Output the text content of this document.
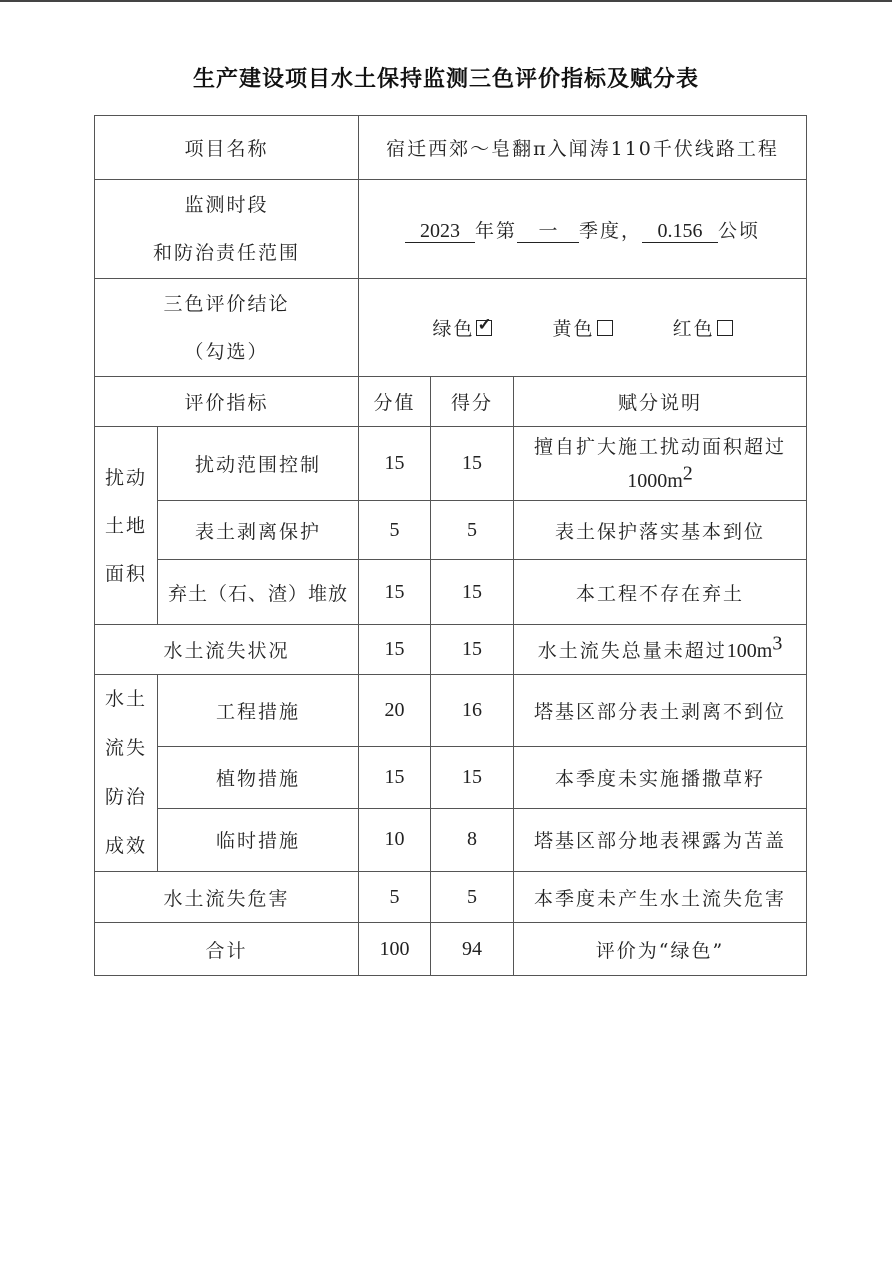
生产建设项目水土保持监测三色评价指标及赋分表
项目名称		宿迁西郊～皂翻π入闻涛110千伏线路工程		

监测时段
和防治责任范围		2023 年第 一 季度， 0.156 公顷		

三色评价结论
（勾选）		绿色 ✓ 黄色 红色
评价指标		分值	得分	赋分说明

扰动
土地
面积	扰动范围控制	15	15	擅自扩大施工扰动面积超过
$1000m^2$
	表土剥离保护	5	5	表土保护落实基本到位
	弃土（石、渣）堆放	15	15	本工程不存在弃土
水土流失状况		15	15	水土流失总量未超过$100m^3$

水土
流失
防治
成效	工程措施	20	16	塔基区部分表土剥离不到位
	植物措施	15	15	本季度未实施播撒草籽
	临时措施	10	8	塔基区部分地表裸露为苫盖
水土流失危害		5	5	本季度未产生水土流失危害
合计		100	94	评价为“绿色”
